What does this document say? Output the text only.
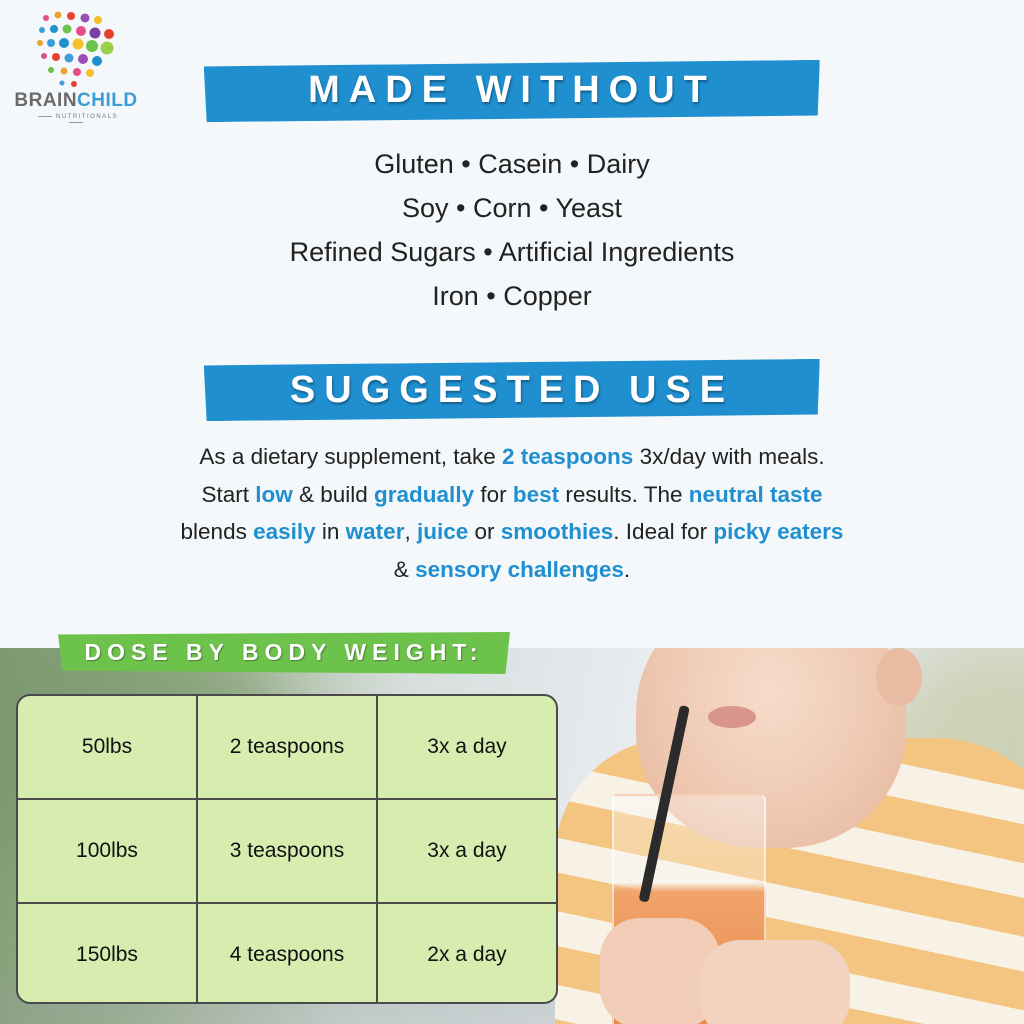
BRAINCHILD
NUTRITIONALS
MADE WITHOUT
Gluten • Casein • Dairy
Soy • Corn • Yeast
Refined Sugars • Artificial Ingredients
Iron • Copper
SUGGESTED USE
As a dietary supplement, take 2 teaspoons 3x/day with meals.
Start low & build gradually for best results. The neutral taste
blends easily in water, juice or smoothies. Ideal for picky eaters
& sensory challenges.
DOSE BY BODY WEIGHT:
50lbs	2 teaspoons	3x a day
100lbs	3 teaspoons	3x a day
150lbs	4 teaspoons	2x a day
